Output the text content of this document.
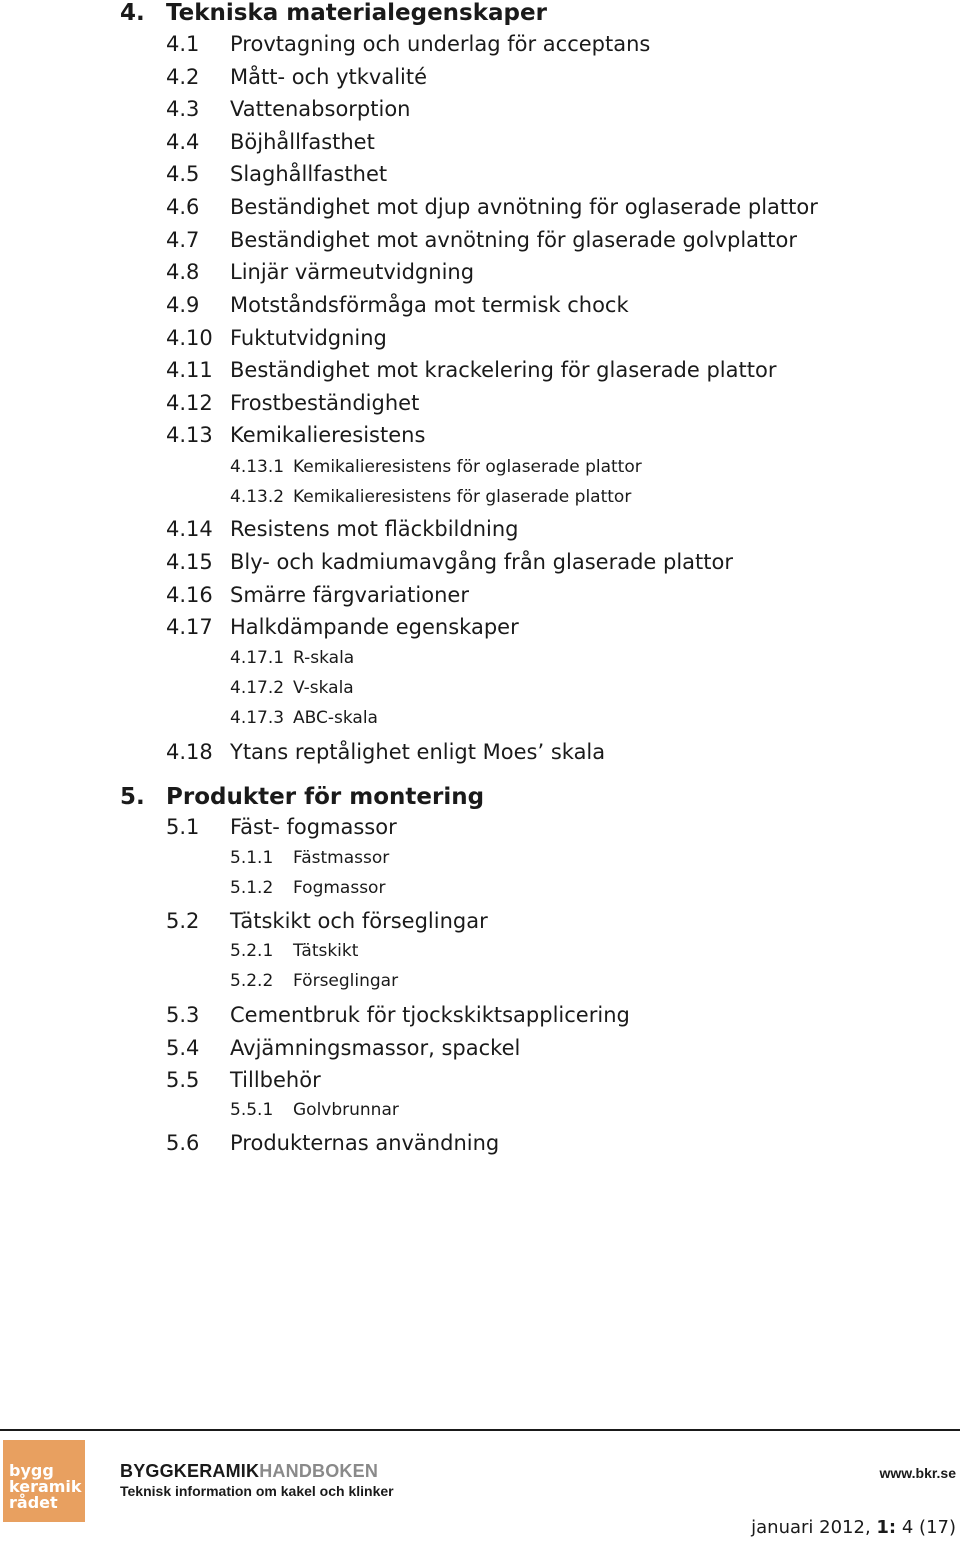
4. Tekniska materialegenskaper
4.1 Provtagning och underlag för acceptans
4.2 Mått- och ytkvalité
4.3 Vattenabsorption
4.4 Böjhållfasthet
4.5 Slaghållfasthet
4.6 Beständighet mot djup avnötning för oglaserade plattor
4.7 Beständighet mot avnötning för glaserade golvplattor
4.8 Linjär värmeutvidgning
4.9 Motståndsförmåga mot termisk chock
4.10 Fuktutvidgning
4.11 Beständighet mot krackelering för glaserade plattor
4.12 Frostbeständighet
4.13 Kemikalieresistens
4.13.1 Kemikalieresistens för oglaserade plattor
4.13.2 Kemikalieresistens för glaserade plattor
4.14 Resistens mot fläckbildning
4.15 Bly- och kadmiumavgång från glaserade plattor
4.16 Smärre färgvariationer
4.17 Halkdämpande egenskaper
4.17.1 R-skala
4.17.2 V-skala
4.17.3 ABC-skala
4.18 Ytans reptålighet enligt Moes’ skala
5. Produkter för montering
5.1 Fäst- fogmassor
5.1.1 Fästmassor
5.1.2 Fogmassor
5.2 Tätskikt och förseglingar
5.2.1 Tätskikt
5.2.2 Förseglingar
5.3 Cementbruk för tjockskiktsapplicering
5.4 Avjämningsmassor, spackel
5.5 Tillbehör
5.5.1 Golvbrunnar
5.6 Produkternas användning
bygg
keramik
rådet
BYGGKERAMIKHANDBOKEN
Teknisk information om kakel och klinker
www.bkr.se
januari 2012, 1: 4 (17)
